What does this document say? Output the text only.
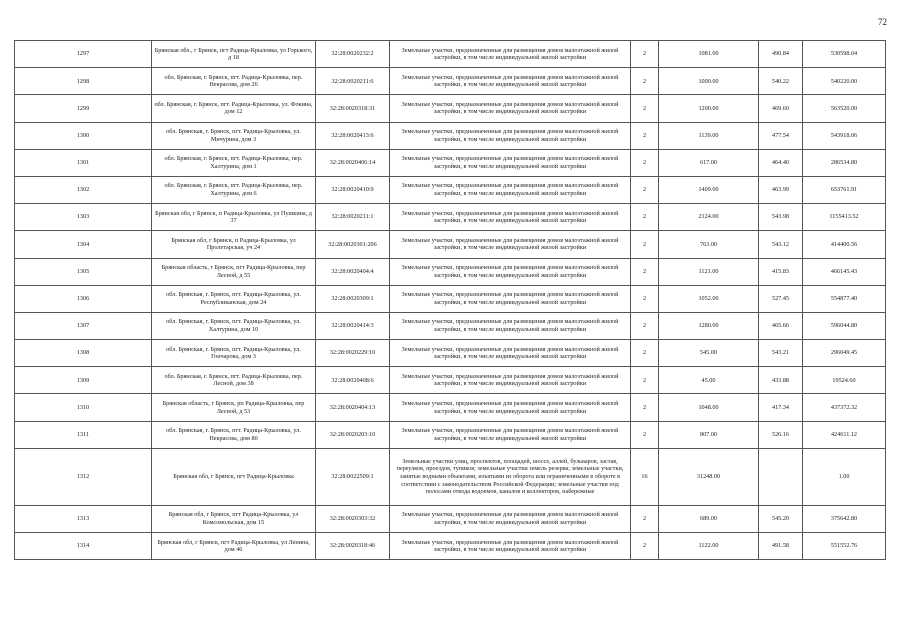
72
1297	Брянская обл., г Брянск, пгт Радица-Крыловка, ул Горького, д 18	32:28:0020232:2	Земельные участки, предназначенные для размещения домов малоэтажной жилой застройки, в том числе индивидуальной жилой застройки	2	1081.00	490.84	530598.04
1298	обл. Брянская, г. Брянск, пгт. Радица-Крыловка, пер. Некрасова, дом 26	32:28:0020211:6	Земельные участки, предназначенные для размещения домов малоэтажной жилой застройки, в том числе индивидуальной жилой застройки	2	1000.00	540.22	540220.00
1299	обл. Брянская, г. Брянск, пгт. Радица-Крыловка, ул. Фокина, дом 12	32:28:0020318:31	Земельные участки, предназначенные для размещения домов малоэтажной жилой застройки, в том числе индивидуальной жилой застройки	2	1200.00	469.60	563520.00
1300	обл. Брянская, г. Брянск, пгт. Радица-Крыловка, ул. Мичурина, дом 3	32:28:0020413:6	Земельные участки, предназначенные для размещения домов малоэтажной жилой застройки, в том числе индивидуальной жилой застройки	2	1139.00	477.54	543918.06
1301	обл. Брянская, г. Брянск, пгт. Радица-Крыловка, пер. Халтурина, дом 1	32:28:0020406:14	Земельные участки, предназначенные для размещения домов малоэтажной жилой застройки, в том числе индивидуальной жилой застройки	2	617.00	464.40	286534.80
1302	обл. Брянская, г. Брянск, пгт. Радица-Крыловка, пер. Халтурина, дом 6	32:28:0020410:9	Земельные участки, предназначенные для размещения домов малоэтажной жилой застройки, в том числе индивидуальной жилой застройки	2	1409.00	463.99	653761.91
1303	Брянская обл, г Брянск, п Радица-Крыловка, ул Пушкина, д 37	32:28:0020211:1	Земельные участки, предназначенные для размещения домов малоэтажной жилой застройки, в том числе индивидуальной жилой застройки	2	2124.00	543.98	1155413.52
1304	Брянская обл, г Брянск, п Радица-Крыловка, ул Пролетарская, уч 24	32:28:0020301:206	Земельные участки, предназначенные для размещения домов малоэтажной жилой застройки, в том числе индивидуальной жилой застройки	2	763.00	543.12	414400.56
1305	Брянская область, г Брянск, пгт Радица-Крыловка, пер Лесной, д 55	32:28:0020404:4	Земельные участки, предназначенные для размещения домов малоэтажной жилой застройки, в том числе индивидуальной жилой застройки	2	1121.00	415.83	466145.43
1306	обл. Брянская, г. Брянск, пгт. Радица-Крыловка, ул. Республиканская, дом 24	32:28:0020309:1	Земельные участки, предназначенные для размещения домов малоэтажной жилой застройки, в том числе индивидуальной жилой застройки	2	1052.00	527.45	554877.40
1307	обл. Брянская, г. Брянск, пгт. Радица-Крыловка, ул. Халтурина, дом 10	32:28:0020414:3	Земельные участки, предназначенные для размещения домов малоэтажной жилой застройки, в том числе индивидуальной жилой застройки	2	1280.00	465.66	596044.80
1308	обл. Брянская, г. Брянск, пгт. Радица-Крыловка, ул. Гончарова, дом 3	32:28:0020229:10	Земельные участки, предназначенные для размещения домов малоэтажной жилой застройки, в том числе индивидуальной жилой застройки	2	545.00	543.21	296049.45
1309	обл. Брянская, г. Брянск, пгт. Радица-Крыловка, пер. Лесной, дом 38	32:28:0020408:6	Земельные участки, предназначенные для размещения домов малоэтажной жилой застройки, в том числе индивидуальной жилой застройки	2	45.00	433.88	19524.60
1310	Брянская область, г Брянск, рп Радица-Крыловка, пер Лесной, д 53	32:28:0020404:13	Земельные участки, предназначенные для размещения домов малоэтажной жилой застройки, в том числе индивидуальной жилой застройки	2	1048.00	417.34	437372.32
1311	обл. Брянская, г. Брянск, пгт. Радица-Крыловка, ул. Некрасова, дом 80	32:28:0020203:10	Земельные участки, предназначенные для размещения домов малоэтажной жилой застройки, в том числе индивидуальной жилой застройки	2	807.00	526.16	424611.12
1312	Брянская обл, г Брянск, пгт Радица-Крыловка	32:28:0022509:1	Земельные участки улиц, проспектов, площадей, шоссе, аллей, бульваров, застав, переулков, проездов, тупиков; земельные участки земель резерва; земельные участки, занятые водными объектами, изъятыми из оборота или ограниченными в обороте в соответствии с законодательством Российской Федерации; земельные участки под полосами отвода водоемов, каналов и коллекторов, набережные	16	31248.00		1.00
1313	Брянская обл, г Брянск, пгт Радица-Крыловка, ул Комсомольская, дом 15	32:28:0020303:32	Земельные участки, предназначенные для размещения домов малоэтажной жилой застройки, в том числе индивидуальной жилой застройки	2	689.00	545.20	375642.80
1314	Брянская обл, г Брянск, пгт Радица-Крыловка, ул Ленина, дом 46	32:28:0020318:46	Земельные участки, предназначенные для размещения домов малоэтажной жилой застройки, в том числе индивидуальной жилой застройки	2	1122.00	491.58	551552.76
